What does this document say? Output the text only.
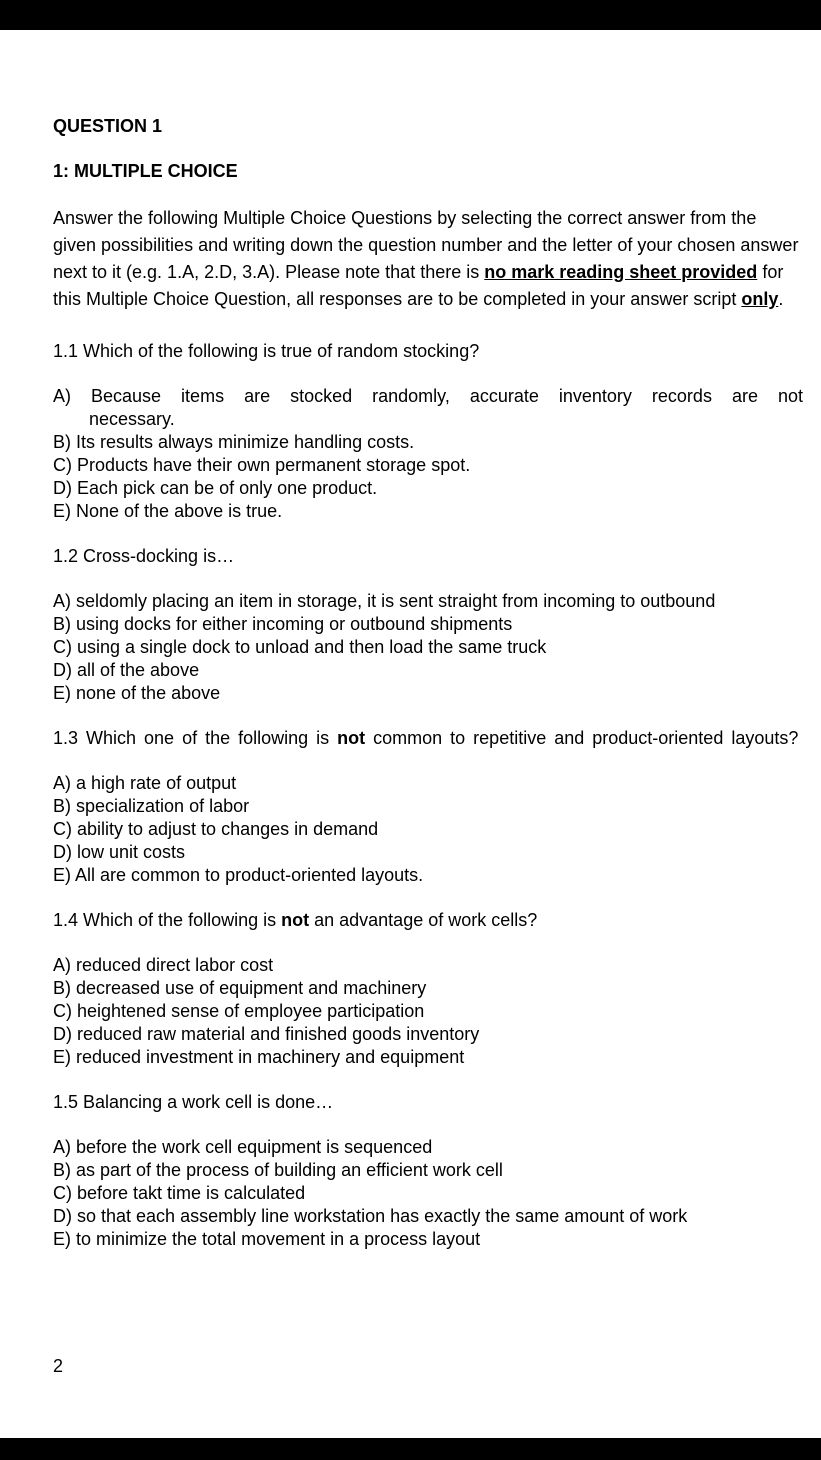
QUESTION 1

1: MULTIPLE CHOICE

Answer the following Multiple Choice Questions by selecting the correct answer from the given possibilities and writing down the question number and the letter of your chosen answer next to it (e.g. 1.A, 2.D, 3.A). Please note that there is no mark reading sheet provided for this Multiple Choice Question, all responses are to be completed in your answer script only.

1.1 Which of the following is true of random stocking?

A) Because items are stocked randomly, accurate inventory records are not necessary.

B) Its results always minimize handling costs.

C) Products have their own permanent storage spot.

D) Each pick can be of only one product.

E) None of the above is true.

1.2 Cross-docking is…

A) seldomly placing an item in storage, it is sent straight from incoming to outbound

B) using docks for either incoming or outbound shipments

C) using a single dock to unload and then load the same truck

D) all of the above

E) none of the above

1.3 Which one of the following is not common to repetitive and product-oriented layouts?

A) a high rate of output

B) specialization of labor

C) ability to adjust to changes in demand

D) low unit costs

E) All are common to product-oriented layouts.

1.4 Which of the following is not an advantage of work cells?

A) reduced direct labor cost

B) decreased use of equipment and machinery

C) heightened sense of employee participation

D) reduced raw material and finished goods inventory

E) reduced investment in machinery and equipment

1.5 Balancing a work cell is done…

A) before the work cell equipment is sequenced

B) as part of the process of building an efficient work cell

C) before takt time is calculated

D) so that each assembly line workstation has exactly the same amount of work

E) to minimize the total movement in a process layout

2
